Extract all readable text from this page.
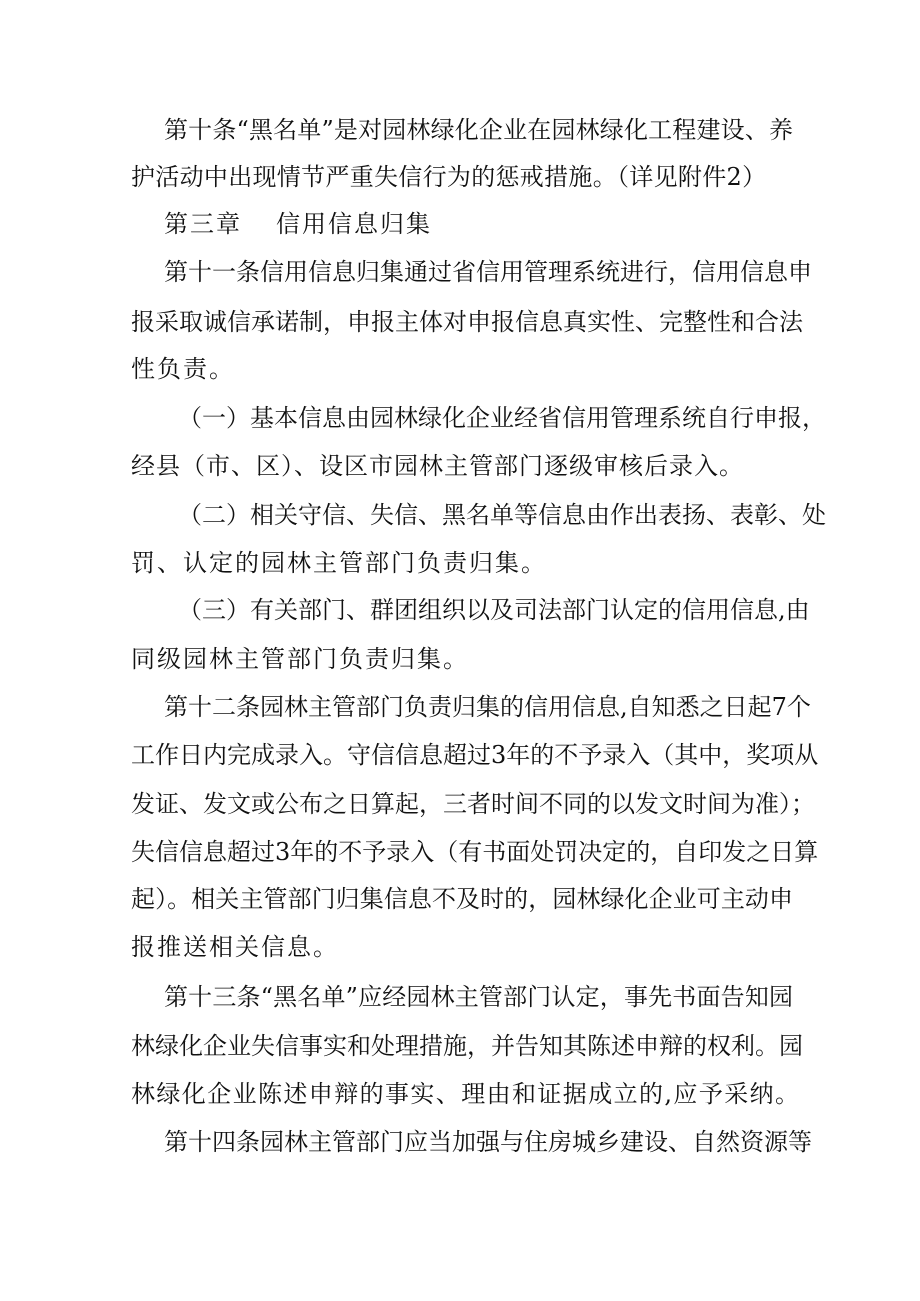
第十条“黑名单”是对园林绿化企业在园林绿化工程建设、养
护活动中出现情节严重失信行为的惩戒措施。（详见附件2）
第三章 信用信息归集
第十一条信用信息归集通过省信用管理系统进行，信用信息申
报采取诚信承诺制，申报主体对申报信息真实性、完整性和合法
性负责。
（一）基本信息由园林绿化企业经省信用管理系统自行申报，
经县（市、区）、设区市园林主管部门逐级审核后录入。
（二）相关守信、失信、黑名单等信息由作出表扬、表彰、处
罚、认定的园林主管部门负责归集。
（三）有关部门、群团组织以及司法部门认定的信用信息,由
同级园林主管部门负责归集。
第十二条园林主管部门负责归集的信用信息,自知悉之日起7个
工作日内完成录入。守信信息超过3年的不予录入（其中，奖项从
发证、发文或公布之日算起，三者时间不同的以发文时间为准）；
失信信息超过3年的不予录入（有书面处罚决定的，自印发之日算
起）。相关主管部门归集信息不及时的，园林绿化企业可主动申
报推送相关信息。
第十三条“黑名单”应经园林主管部门认定，事先书面告知园
林绿化企业失信事实和处理措施，并告知其陈述申辩的权利。园
林绿化企业陈述申辩的事实、理由和证据成立的,应予采纳。
第十四条园林主管部门应当加强与住房城乡建设、自然资源等
